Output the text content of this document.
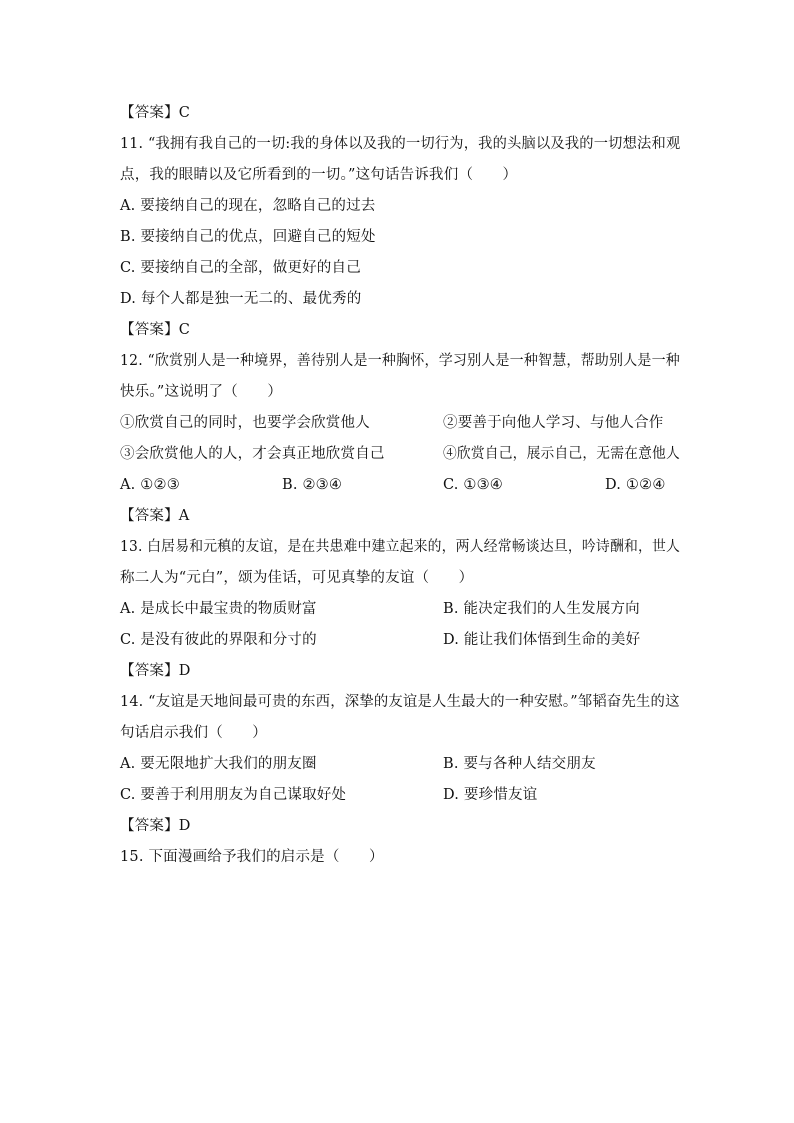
【答案】C
11. “我拥有我自己的一切:我的身体以及我的一切行为，我的头脑以及我的一切想法和观
点，我的眼睛以及它所看到的一切。”这句话告诉我们（　　）
A. 要接纳自己的现在，忽略自己的过去
B. 要接纳自己的优点，回避自己的短处
C. 要接纳自己的全部，做更好的自己
D. 每个人都是独一无二的、最优秀的
【答案】C
12. “欣赏别人是一种境界，善待别人是一种胸怀，学习别人是一种智慧，帮助别人是一种
快乐。”这说明了（　　）
①欣赏自己的同时，也要学会欣赏他人	②要善于向他人学习、与他人合作
③会欣赏他人的人，才会真正地欣赏自己	④欣赏自己，展示自己，无需在意他人
A. ①②③	B. ②③④	C. ①③④	D. ①②④
【答案】A
13. 白居易和元稹的友谊，是在共患难中建立起来的，两人经常畅谈达旦，吟诗酬和，世人
称二人为“元白”，颂为佳话，可见真挚的友谊（　　）
A. 是成长中最宝贵的物质财富	B. 能决定我们的人生发展方向
C. 是没有彼此的界限和分寸的	D. 能让我们体悟到生命的美好
【答案】D
14. “友谊是天地间最可贵的东西，深挚的友谊是人生最大的一种安慰。”邹韬奋先生的这
句话启示我们（　　）
A. 要无限地扩大我们的朋友圈	B. 要与各种人结交朋友
C. 要善于利用朋友为自己谋取好处	D. 要珍惜友谊
【答案】D
15. 下面漫画给予我们的启示是（　　）
